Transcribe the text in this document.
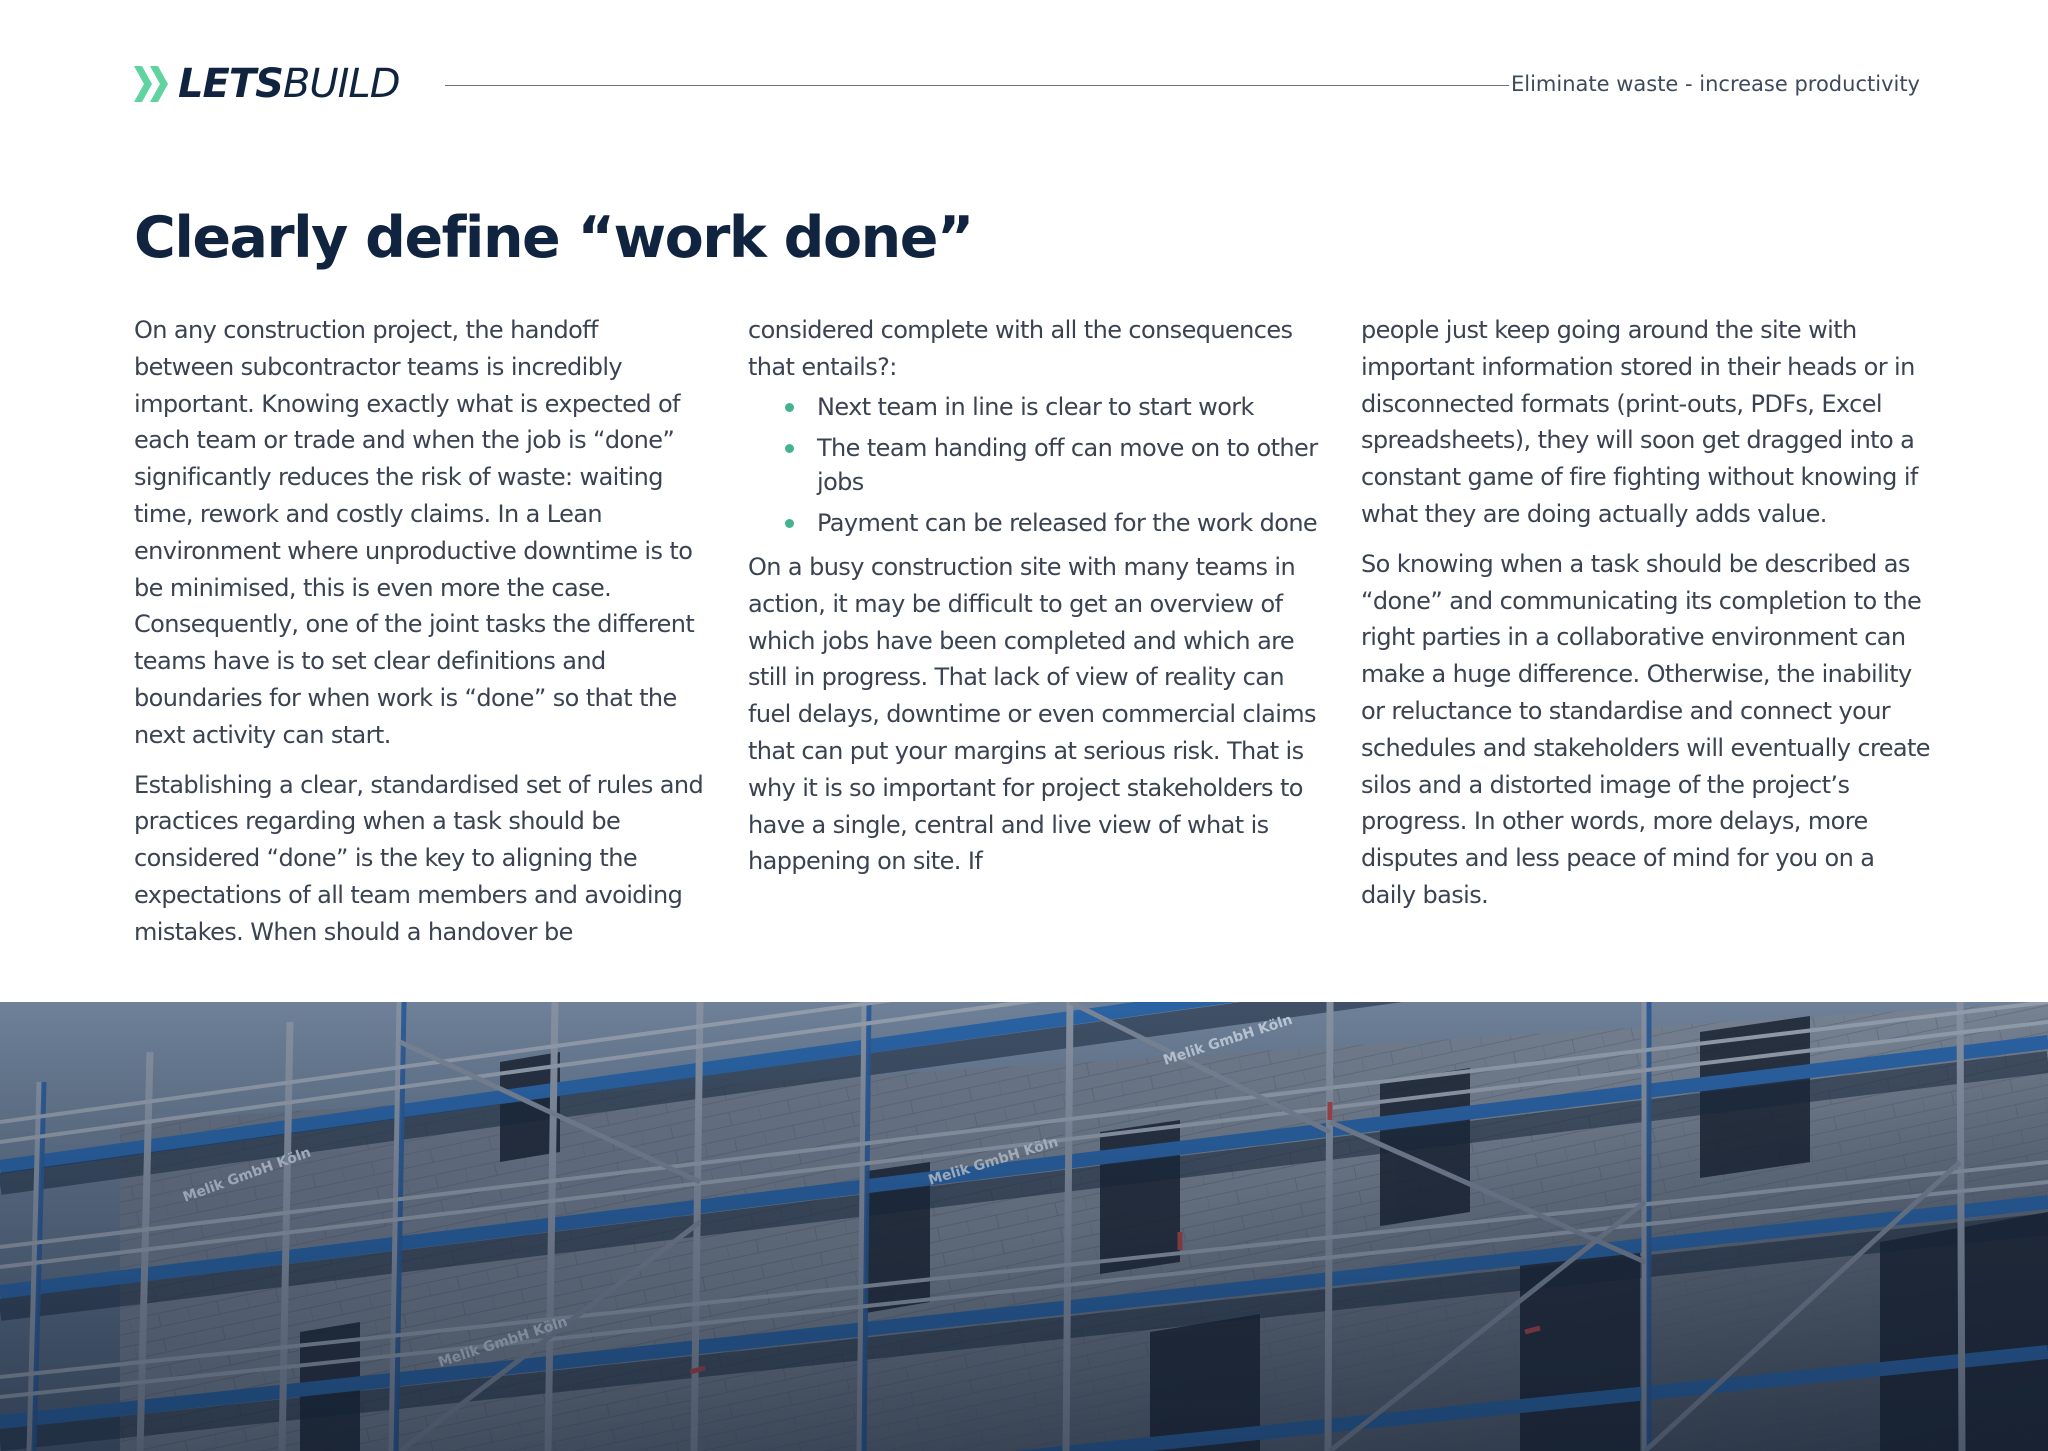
LETSBUILD	Eliminate waste - increase productivity
Clearly define “work done”

On any construction project, the handoff between subcontractor teams is incredibly important. Knowing exactly what is expected of each team or trade and when the job is “done” significantly reduces the risk of waste: waiting time, rework and costly claims. In a Lean environment where unproductive downtime is to be minimised, this is even more the case. Consequently, one of the joint tasks the different teams have is to set clear definitions and boundaries for when work is “done” so that the next activity can start.

Establishing a clear, standardised set of rules and practices regarding when a task should be considered “done” is the key to aligning the expectations of all team members and avoiding mistakes. When should a handover be

considered complete with all the consequences that entails?:

Next team in line is clear to start work
The team handing off can move on to other jobs
Payment can be released for the work done

On a busy construction site with many teams in action, it may be difficult to get an overview of which jobs have been completed and which are still in progress. That lack of view of reality can fuel delays, downtime or even commercial claims that can put your margins at serious risk. That is why it is so important for project stakeholders to have a single, central and live view of what is happening on site. If

people just keep going around the site with important information stored in their heads or in disconnected formats (print-outs, PDFs, Excel spreadsheets), they will soon get dragged into a constant game of fire fighting without knowing if what they are doing actually adds value.

So knowing when a task should be described as “done” and communicating its completion to the right parties in a collaborative environment can make a huge difference. Otherwise, the inability or reluctance to standardise and connect your schedules and stakeholders will eventually create silos and a distorted image of the project’s progress. In other words, more delays, more disputes and less peace of mind for you on a daily basis.
